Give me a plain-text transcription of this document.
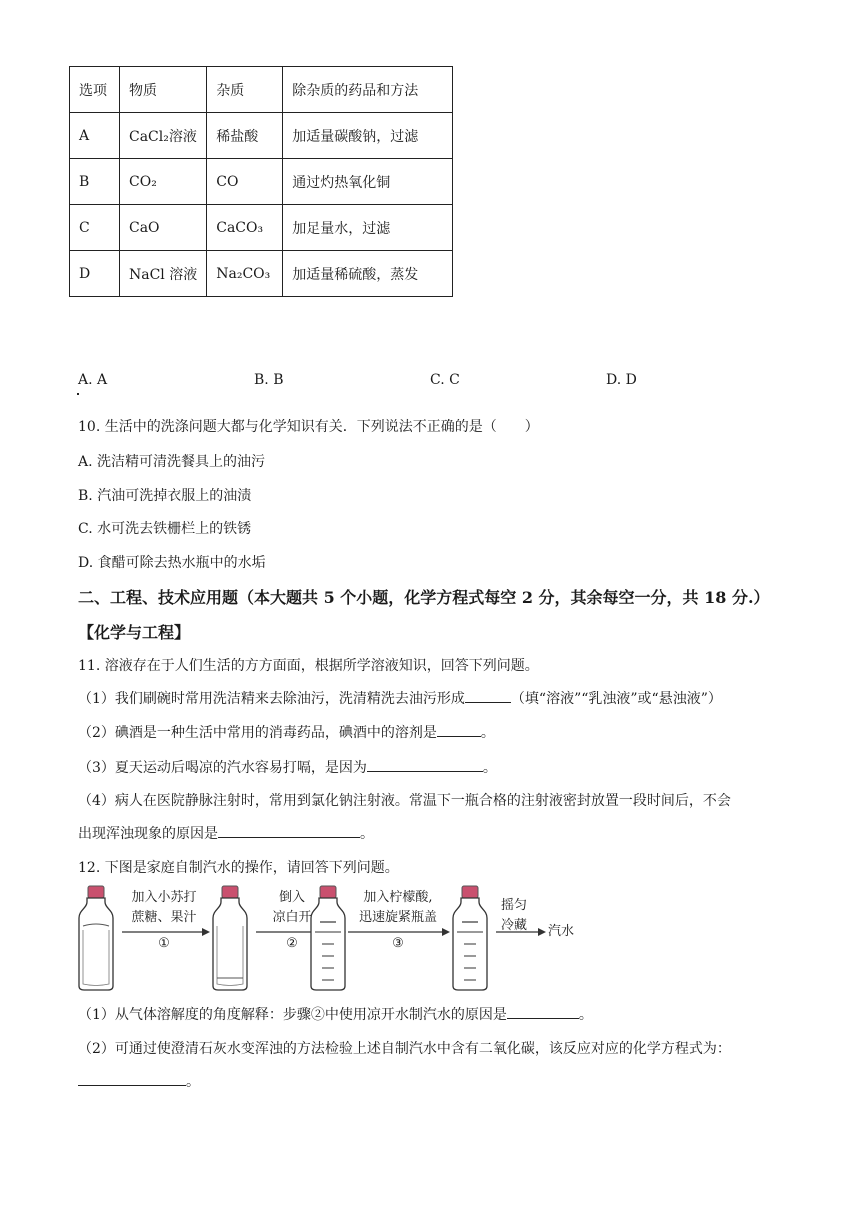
选项	物质	杂质	除杂质的药品和方法
A	CaCl₂溶液	稀盐酸	加适量碳酸钠，过滤
B	CO₂	CO	通过灼热氧化铜
C	CaO	CaCO₃	加足量水，过滤
D	NaCl 溶液	Na₂CO₃	加适量稀硫酸，蒸发
A. A	B. B	C. C	D. D
10. 生活中的洗涤问题大都与化学知识有关．下列说法不正确的是（　　）
A. 洗洁精可清洗餐具上的油污
B. 汽油可洗掉衣服上的油渍
C. 水可洗去铁栅栏上的铁锈
D. 食醋可除去热水瓶中的水垢
二、工程、技术应用题（本大题共 5 个小题，化学方程式每空 2 分，其余每空一分，共 18 分.）
【化学与工程】
11. 溶液存在于人们生活的方方面面，根据所学溶液知识，回答下列问题。
（1）我们刷碗时常用洗洁精来去除油污，洗清精洗去油污形成	（填“溶液”“乳浊液”或“悬浊液”）
（2）碘酒是一种生活中常用的消毒药品，碘酒中的溶剂是	。
（3）夏天运动后喝凉的汽水容易打嗝，是因为	。
（4）病人在医院静脉注射时，常用到氯化钠注射液。常温下一瓶合格的注射液密封放置一段时间后，不会
出现浑浊现象的原因是	。
12. 下图是家庭自制汽水的操作，请回答下列问题。
加入小苏打
蔗糖、果汁
①
倒入
凉白开
②
加入柠檬酸,
迅速旋紧瓶盖
③
摇匀
冷藏	汽水
（1）从气体溶解度的角度解释：步骤②中使用凉开水制汽水的原因是	。
（2）可通过使澄清石灰水变浑浊的方法检验上述自制汽水中含有二氧化碳，该反应对应的化学方程式为：
。
